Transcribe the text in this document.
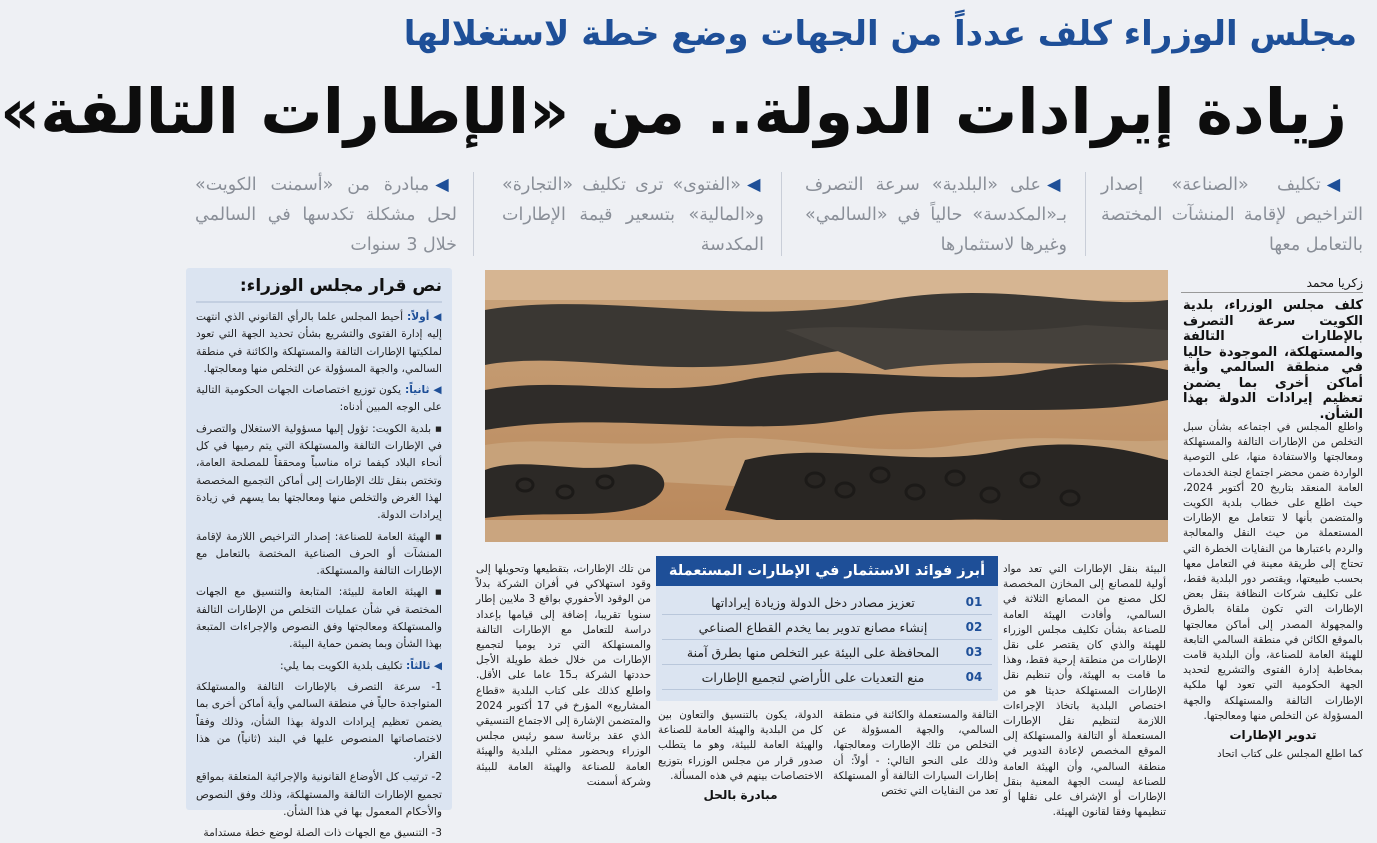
مجلس الوزراء كلف عدداً من الجهات وضع خطة لاستغلالها
زيادة إيرادات الدولة.. من «الإطارات التالفة»
◀تكليف «الصناعة» إصدار التراخيص لإقامة المنشآت المختصة بالتعامل معها
◀على «البلدية» سرعة التصرف بـ«المكدسة» حالياً في «السالمي» وغيرها لاستثمارها
◀«الفتوى» ترى تكليف «التجارة» و«المالية» بتسعير قيمة الإطارات المكدسة
◀مبادرة من «أسمنت الكويت» لحل مشكلة تكدسها في السالمي خلال 3 سنوات
نص قرار مجلس الوزراء:

◀ أولاً: أحيط المجلس علما بالرأي القانوني الذي انتهت إليه إدارة الفتوى والتشريع بشأن تحديد الجهة التي تعود لملكيتها الإطارات التالفة والمستهلكة والكائنة في منطقة السالمي، والجهة المسؤولة عن التخلص منها ومعالجتها.

◀ ثانياً: يكون توزيع اختصاصات الجهات الحكومية التالية على الوجه المبين أدناه:

▪ بلدية الكويت: تؤول إليها مسؤولية الاستغلال والتصرف في الإطارات التالفة والمستهلكة التي يتم رميها في كل أنحاء البلاد كيفما تراه مناسباً ومحققاً للمصلحة العامة، وتختص بنقل تلك الإطارات إلى أماكن التجميع المخصصة لهذا الغرض والتخلص منها ومعالجتها بما يسهم في زيادة إيرادات الدولة.

▪ الهيئة العامة للصناعة: إصدار التراخيص اللازمة لإقامة المنشآت أو الحرف الصناعية المختصة بالتعامل مع الإطارات التالفة والمستهلكة.

▪ الهيئة العامة للبيئة: المتابعة والتنسيق مع الجهات المختصة في شأن عمليات التخلص من الإطارات التالفة والمستهلكة ومعالجتها وفق النصوص والإجراءات المتبعة بهذا الشأن وبما يضمن حماية البيئة.

◀ ثالثاً: تكليف بلدية الكويت بما يلي:

1- سرعة التصرف بالإطارات التالفة والمستهلكة المتواجدة حالياً في منطقة السالمي وأية أماكن أخرى بما يضمن تعظيم إيرادات الدولة بهذا الشأن، وذلك وفقاً لاختصاصاتها المنصوص عليها في البند (ثانياً) من هذا القرار.

2- ترتيب كل الأوضاع القانونية والإجرائية المتعلقة بمواقع تجميع الإطارات التالفة والمستهلكة، وذلك وفق النصوص والأحكام المعمول بها في هذا الشأن.

3- التنسيق مع الجهات ذات الصلة لوضع خطة مستدامة

زكريا محمد
كلف مجلس الوزراء، بلدية الكويت سرعة التصرف بالإطارات التالفة والمستهلكة، الموجودة حاليا في منطقة السالمي وأية أماكن أخرى بما يضمن تعظيم إيرادات الدولة بهذا الشأن.

واطلع المجلس في اجتماعه بشأن سبل التخلص من الإطارات التالفة والمستهلكة ومعالجتها والاستفادة منها، على التوصية الواردة ضمن محضر اجتماع لجنة الخدمات العامة المنعقد بتاريخ 20 أكتوبر 2024، حيث اطلع على خطاب بلدية الكويت والمتضمن بأنها لا تتعامل مع الإطارات المستعملة من حيث النقل والمعالجة والردم باعتبارها من النفايات الخطرة التي تحتاج إلى طريقة معينة في التعامل معها بحسب طبيعتها، ويقتصر دور البلدية فقط، على تكليف شركات النظافة بنقل بعض الإطارات التي تكون ملقاة بالطرق والمجهولة المصدر إلى أماكن معالجتها بالموقع الكائن في منطقة السالمي التابعة للهيئة العامة للصناعة، وأن البلدية قامت بمخاطبة إدارة الفتوى والتشريع لتحديد الجهة الحكومية التي تعود لها ملكية الإطارات التالفة والمستهلكة والجهة المسؤولة عن التخلص منها ومعالجتها.

تدوير الإطارات

كما اطلع المجلس على كتاب اتحاد

البيئة بنقل الإطارات التي تعد مواد أولية للمصانع إلى المخازن المخصصة لكل مصنع من المصانع الثلاثة في السالمي، وأفادت الهيئة العامة للصناعة بشأن تكليف مجلس الوزراء للهيئة والذي كان يقتصر على نقل الإطارات من منطقة إرحية فقط، وهذا ما قامت به الهيئة، وأن تنظيم نقل الإطارات المستهلكة حديثا هو من اختصاص البلدية باتخاذ الإجراءات اللازمة لتنظيم نقل الإطارات المستعملة أو التالفة والمستهلكة إلى الموقع المخصص لإعادة التدوير في منطقة السالمي، وأن الهيئة العامة للصناعة ليست الجهة المعنية بنقل الإطارات أو الإشراف على نقلها أو تنظيمها وفقا لقانون الهيئة.
من تلك الإطارات، بتقطيعها وتحويلها إلى وقود استهلاكي في أفران الشركة بدلاً من الوقود الأحفوري بواقع 3 ملايين إطار سنويا تقريبا، إضافة إلى قيامها بإعداد دراسة للتعامل مع الإطارات التالفة والمستهلكة التي ترد يوميا لتجميع الإطارات من خلال خطة طويلة الأجل حددتها الشركة بـ15 عاما على الأقل. واطلع كذلك على كتاب البلدية «قطاع المشاريع» المؤرخ في 17 أكتوبر 2024 والمتضمن الإشارة إلى الاجتماع التنسيقي الذي عقد برئاسة سمو رئيس مجلس الوزراء وبحضور ممثلي البلدية والهيئة العامة للصناعة والهيئة العامة للبيئة وشركة أسمنت
أبرز فوائد الاستثمار في الإطارات المستعملة
01
تعزيز مصادر دخل الدولة وزيادة إيراداتها
02
إنشاء مصانع تدوير بما يخدم القطاع الصناعي
03
المحافظة على البيئة عبر التخلص منها بطرق آمنة
04
منع التعديات على الأراضي لتجميع الإطارات
التالفة والمستعملة والكائنة في منطقة السالمي، والجهة المسؤولة عن التخلص من تلك الإطارات ومعالجتها، وذلك على النحو التالي: - أولاً: أن إطارات السيارات التالفة أو المستهلكة تعد من النفايات التي تختص

الدولة، يكون بالتنسيق والتعاون بين كل من البلدية والهيئة العامة للصناعة والهيئة العامة للبيئة، وهو ما يتطلب صدور قرار من مجلس الوزراء بتوزيع الاختصاصات بينهم في هذه المسألة.

مبادرة بالحل
